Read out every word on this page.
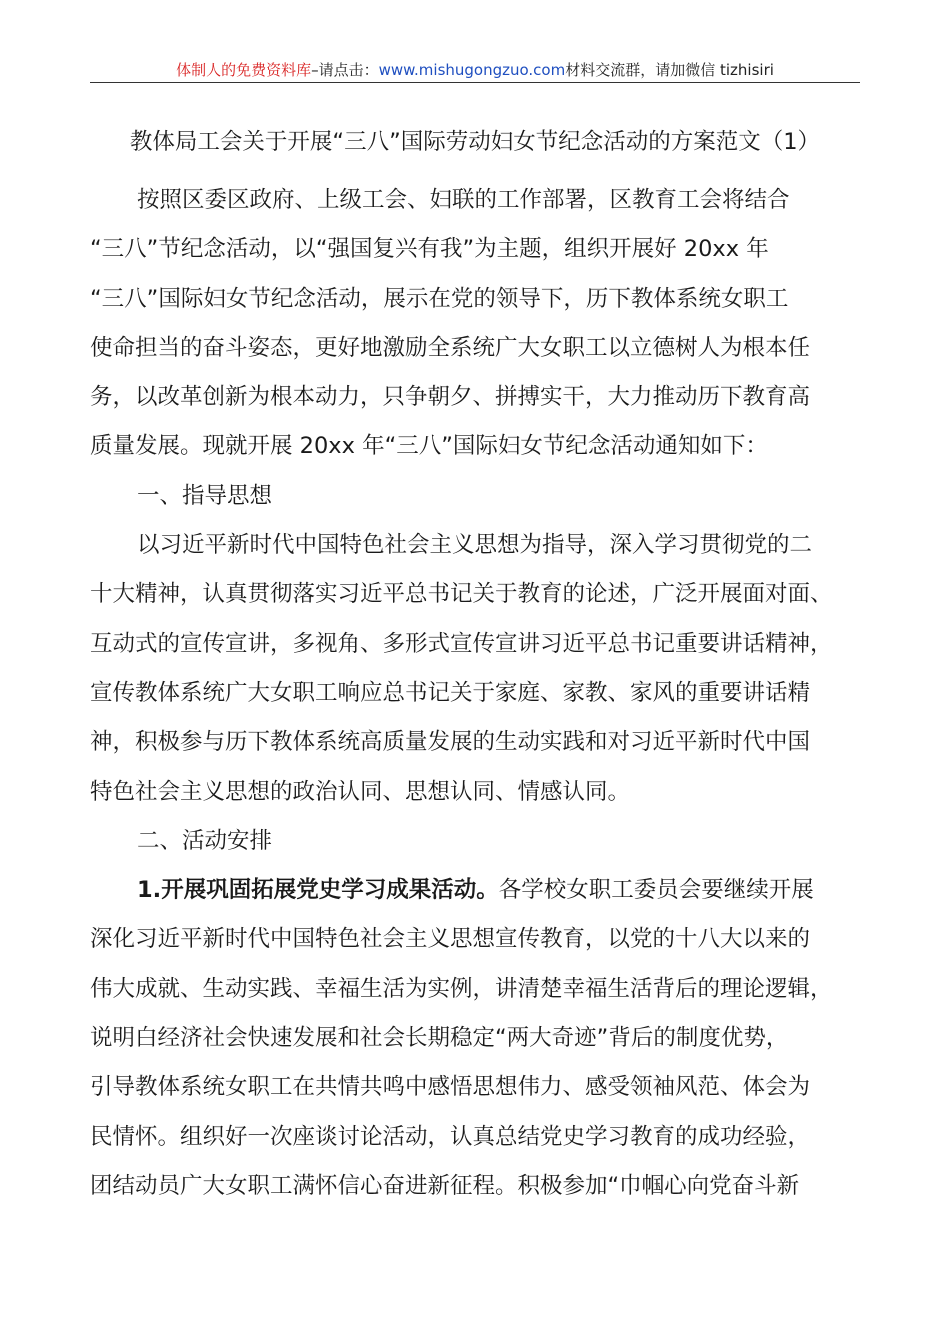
体制人的免费资料库–请点击：www.mishugongzuo.com材料交流群，请加微信 tizhisiri
教体局工会关于开展“三八”国际劳动妇女节纪念活动的方案范文（1）
按照区委区政府、上级工会、妇联的工作部署，区教育工会将结合
“三八”节纪念活动，以“强国复兴有我”为主题，组织开展好 20xx 年
“三八”国际妇女节纪念活动，展示在党的领导下，历下教体系统女职工
使命担当的奋斗姿态，更好地激励全系统广大女职工以立德树人为根本任
务，以改革创新为根本动力，只争朝夕、拼搏实干，大力推动历下教育高
质量发展。现就开展 20xx 年“三八”国际妇女节纪念活动通知如下：
一、指导思想
以习近平新时代中国特色社会主义思想为指导，深入学习贯彻党的二
十大精神，认真贯彻落实习近平总书记关于教育的论述，广泛开展面对面、
互动式的宣传宣讲，多视角、多形式宣传宣讲习近平总书记重要讲话精神，
宣传教体系统广大女职工响应总书记关于家庭、家教、家风的重要讲话精
神，积极参与历下教体系统高质量发展的生动实践和对习近平新时代中国
特色社会主义思想的政治认同、思想认同、情感认同。
二、活动安排
1.开展巩固拓展党史学习成果活动。各学校女职工委员会要继续开展
深化习近平新时代中国特色社会主义思想宣传教育，以党的十八大以来的
伟大成就、生动实践、幸福生活为实例，讲清楚幸福生活背后的理论逻辑，
说明白经济社会快速发展和社会长期稳定“两大奇迹”背后的制度优势，
引导教体系统女职工在共情共鸣中感悟思想伟力、感受领袖风范、体会为
民情怀。组织好一次座谈讨论活动，认真总结党史学习教育的成功经验，
团结动员广大女职工满怀信心奋进新征程。积极参加“巾帼心向党奋斗新
